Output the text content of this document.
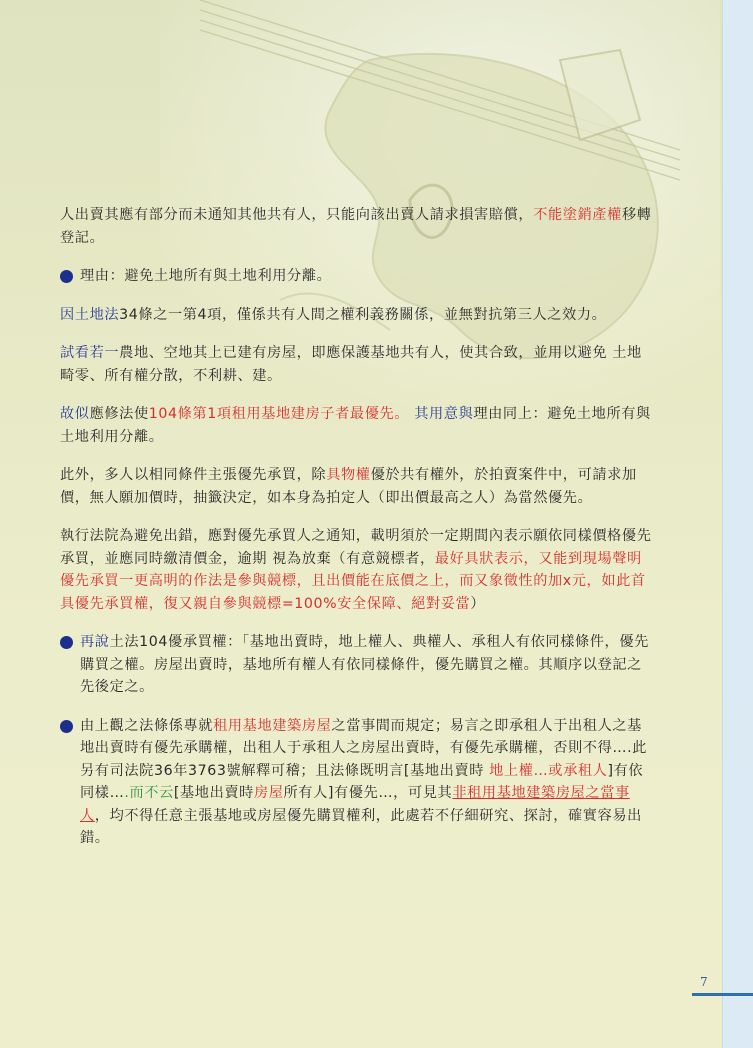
人出賣其應有部分而未通知其他共有人，只能向該出賣人請求損害賠償，不能塗銷產權移轉登記。

理由：避免土地所有與土地利用分離。

因土地法34條之一第4項，僅係共有人間之權利義務關係，並無對抗第三人之效力。

試看若一農地、空地其上已建有房屋，即應保護基地共有人，使其合致，並用以避免 土地畸零、所有權分散，不利耕、建。

故似應修法使104條第1項租用基地建房子者最優先。 其用意與理由同上：避免土地所有與土地利用分離。

此外，多人以相同條件主張優先承買，除具物權優於共有權外，於拍賣案件中，可請求加價，無人願加價時，抽籤決定，如本身為拍定人（即出價最高之人）為當然優先。

執行法院為避免出錯，應對優先承買人之通知，載明須於一定期間內表示願依同樣價格優先承買，並應同時繳清價金，逾期 視為放棄（有意競標者，最好具狀表示，又能到現場聲明優先承買一更高明的作法是參與競標，且出價能在底價之上，而又象徵性的加x元，如此首具優先承買權，復又親自參與競標=100%安全保障、絕對妥當）

再說土法104優承買權：「基地出賣時，地上權人、典權人、承租人有依同樣條件，優先購買之權。房屋出賣時，基地所有權人有依同樣條件，優先購買之權。其順序以登記之先後定之。

由上觀之法條係專就租用基地建築房屋之當事間而規定；易言之即承租人于出租人之基地出賣時有優先承購權，出租人于承租人之房屋出賣時，有優先承購權，否則不得….此另有司法院36年3763號解釋可稽；且法條既明言[基地出賣時 地上權…或承租人]有依同樣….而不云[基地出賣時房屋所有人]有優先…，可見其非租用基地建築房屋之當事人，均不得任意主張基地或房屋優先購買權利，此處若不仔細研究、探討，確實容易出錯。

7
